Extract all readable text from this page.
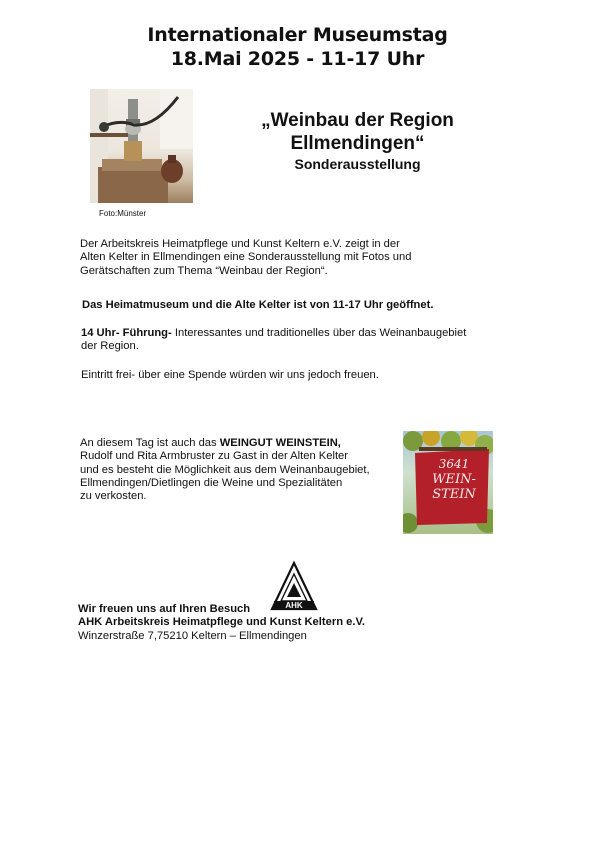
Internationaler Museumstag
18.Mai 2025 - 11-17 Uhr
Foto:Münster
„Weinbau der Region
Ellmendingen“
Sonderausstellung
Der Arbeitskreis Heimatpflege und Kunst Keltern e.V. zeigt in der
Alten Kelter in Ellmendingen eine Sonderausstellung mit Fotos und
Gerätschaften zum Thema “Weinbau der Region“.
Das Heimatmuseum und die Alte Kelter ist von 11-17 Uhr geöffnet.
14 Uhr- Führung- Interessantes und traditionelles über das Weinanbaugebiet
der Region.
Eintritt frei- über eine Spende würden wir uns jedoch freuen.
An diesem Tag ist auch das WEINGUT WEINSTEIN,
Rudolf und Rita Armbruster zu Gast in der Alten Kelter
und es besteht die Möglichkeit aus dem Weinanbaugebiet,
Ellmendingen/Dietlingen die Weine und Spezialitäten
zu verkosten.
3641
WEIN-
STEIN
AHK
Wir freuen uns auf Ihren Besuch
AHK Arbeitskreis Heimatpflege und Kunst Keltern e.V.
Winzerstraße 7,75210 Keltern – Ellmendingen
